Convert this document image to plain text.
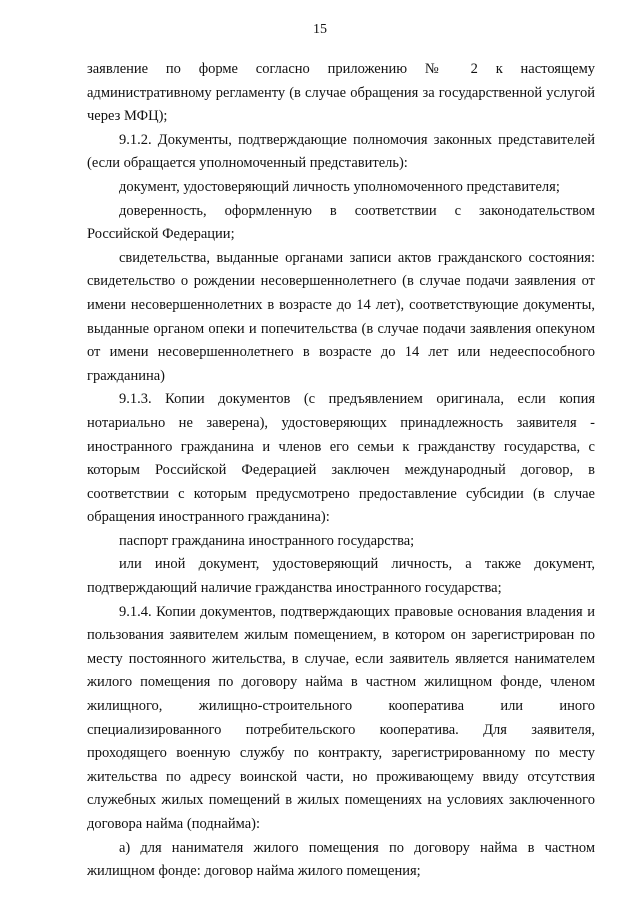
15

заявление по форме согласно приложению № 2 к настоящему административному регламенту (в случае обращения за государственной услугой через МФЦ);

9.1.2. Документы, подтверждающие полномочия законных представителей (если обращается уполномоченный представитель):

документ, удостоверяющий личность уполномоченного представителя;

доверенность, оформленную в соответствии с законодательством Российской Федерации;

свидетельства, выданные органами записи актов гражданского состояния: свидетельство о рождении несовершеннолетнего (в случае подачи заявления от имени несовершеннолетних в возрасте до 14 лет), соответствующие документы, выданные органом опеки и попечительства (в случае подачи заявления опекуном от имени несовершеннолетнего в возрасте до 14 лет или недееспособного гражданина)

9.1.3. Копии документов (с предъявлением оригинала, если копия нотариально не заверена), удостоверяющих принадлежность заявителя - иностранного гражданина и членов его семьи к гражданству государства, с которым Российской Федерацией заключен международный договор, в соответствии с которым предусмотрено предоставление субсидии (в случае обращения иностранного гражданина):

паспорт гражданина иностранного государства;

или иной документ, удостоверяющий личность, а также документ, подтверждающий наличие гражданства иностранного государства;

9.1.4. Копии документов, подтверждающих правовые основания владения и пользования заявителем жилым помещением, в котором он зарегистрирован по месту постоянного жительства, в случае, если заявитель является нанимателем жилого помещения по договору найма в частном жилищном фонде, членом жилищного, жилищно-строительного кооператива или иного специализированного потребительского кооператива. Для заявителя, проходящего военную службу по контракту, зарегистрированному по месту жительства по адресу воинской части, но проживающему ввиду отсутствия служебных жилых помещений в жилых помещениях на условиях заключенного договора найма (поднайма):

а) для нанимателя жилого помещения по договору найма в частном жилищном фонде: договор найма жилого помещения;
